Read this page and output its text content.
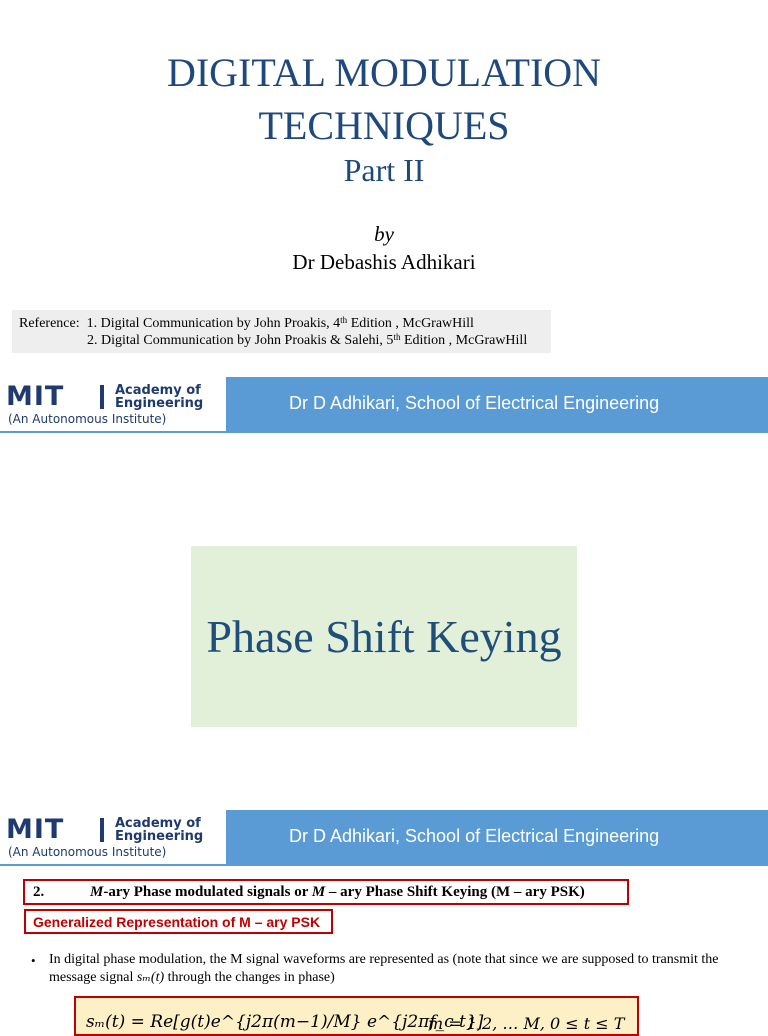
DIGITAL MODULATION
TECHNIQUES
Part II
by
Dr Debashis Adhikari
Reference: 1. Digital Communication by John Proakis, 4th Edition , McGrawHill
2. Digital Communication by John Proakis & Salehi, 5th Edition , McGrawHill
MIT	Academy of
Engineering
(An Autonomous Institute)
Dr D Adhikari, School of Electrical Engineering
Phase Shift Keying
MIT	Academy of
Engineering
(An Autonomous Institute)
Dr D Adhikari, School of Electrical Engineering
2.	M-ary Phase modulated signals or M – ary Phase Shift Keying (M – ary PSK)
Generalized Representation of M – ary PSK
• In digital phase modulation, the M signal waveforms are represented as (note that since we are supposed to transmit the message signal sₘ(t) through the changes in phase)
sₘ(t) = Re[g(t)e^{j2π(m−1)/M} e^{j2πf_c t}]
m = 1,2, … M, 0 ≤ t ≤ T
